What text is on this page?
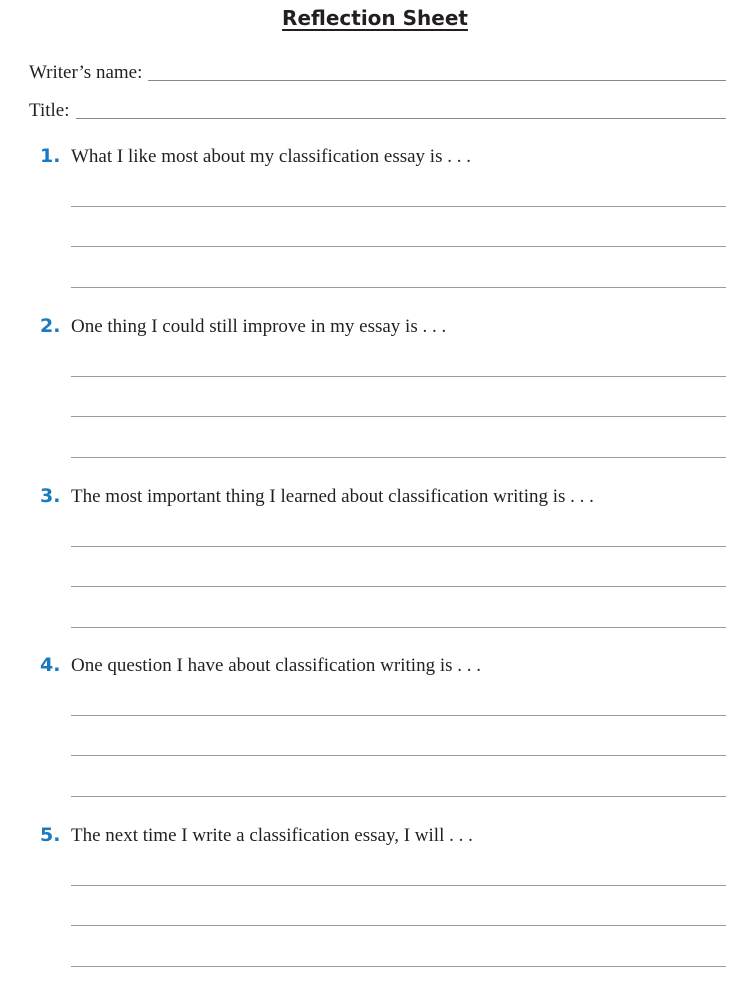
Reflection Sheet
Writer’s name:
Title:
1. What I like most about my classification essay is . . .
2. One thing I could still improve in my essay is . . .
3. The most important thing I learned about classification writing is . . .
4. One question I have about classification writing is . . .
5. The next time I write a classification essay, I will . . .
